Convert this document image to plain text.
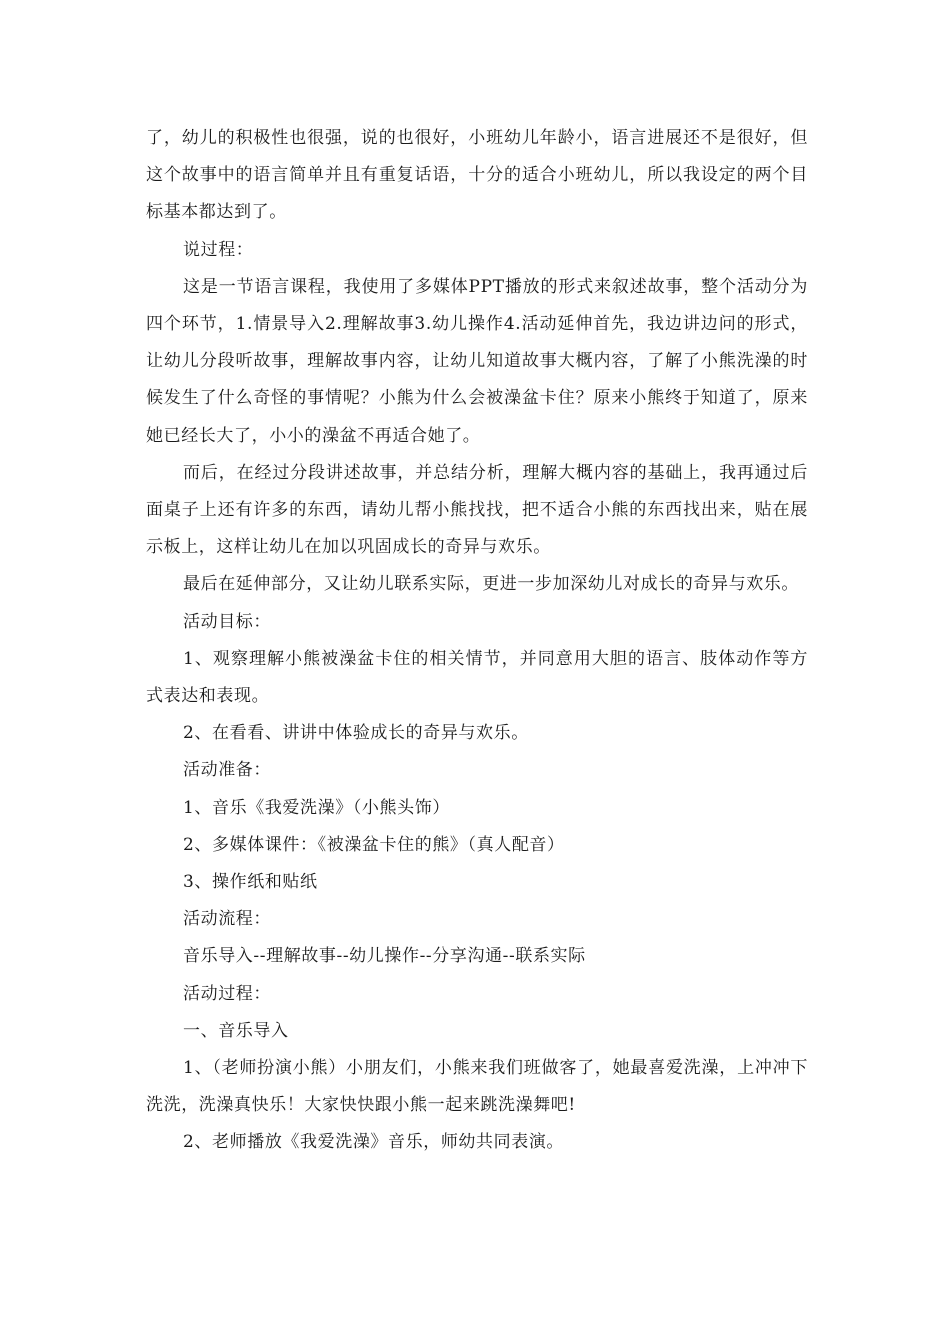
了，幼儿的积极性也很强，说的也很好，小班幼儿年龄小，语言进展还不是很好，但这个故事中的语言简单并且有重复话语，十分的适合小班幼儿，所以我设定的两个目标基本都达到了。

说过程：

这是一节语言课程，我使用了多媒体PPT播放的形式来叙述故事，整个活动分为四个环节，1.情景导入2.理解故事3.幼儿操作4.活动延伸首先，我边讲边问的形式，让幼儿分段听故事，理解故事内容，让幼儿知道故事大概内容，了解了小熊洗澡的时候发生了什么奇怪的事情呢？小熊为什么会被澡盆卡住？原来小熊终于知道了，原来她已经长大了，小小的澡盆不再适合她了。

而后，在经过分段讲述故事，并总结分析，理解大概内容的基础上，我再通过后面桌子上还有许多的东西，请幼儿帮小熊找找，把不适合小熊的东西找出来，贴在展示板上，这样让幼儿在加以巩固成长的奇异与欢乐。

最后在延伸部分，又让幼儿联系实际，更进一步加深幼儿对成长的奇异与欢乐。

活动目标：

1、观察理解小熊被澡盆卡住的相关情节，并同意用大胆的语言、肢体动作等方式表达和表现。

2、在看看、讲讲中体验成长的奇异与欢乐。

活动准备：

1、音乐《我爱洗澡》（小熊头饰）

2、多媒体课件：《被澡盆卡住的熊》（真人配音）

3、操作纸和贴纸

活动流程：

音乐导入--理解故事--幼儿操作--分享沟通--联系实际

活动过程：

一、音乐导入

1、（老师扮演小熊）小朋友们，小熊来我们班做客了，她最喜爱洗澡，上冲冲下洗洗，洗澡真快乐！大家快快跟小熊一起来跳洗澡舞吧!

2、老师播放《我爱洗澡》音乐，师幼共同表演。
